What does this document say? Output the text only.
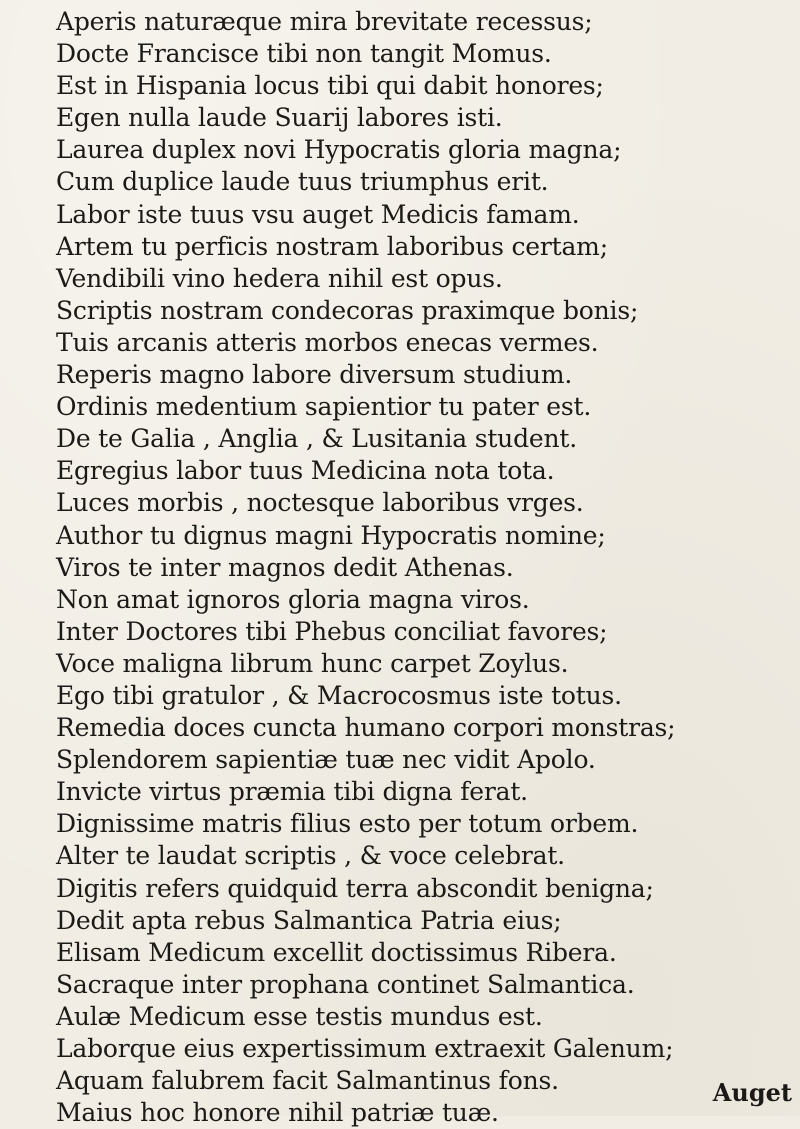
Aperis naturæque mira brevitate recessus;
Docte Francisce tibi non tangit Momus.
Est in Hispania locus tibi qui dabit honores;
Egen nulla laude Suarij labores isti.
Laurea duplex novi Hypocratis gloria magna;
Cum duplice laude tuus triumphus erit.
Labor iste tuus vsu auget Medicis famam.
Artem tu perficis nostram laboribus certam;
Vendibili vino hedera nihil est opus.
Scriptis nostram condecoras praximque bonis;
Tuis arcanis atteris morbos enecas vermes.
Reperis magno labore diversum studium.
Ordinis medentium sapientior tu pater est.
De te Galia , Anglia , & Lusitania student.
Egregius labor tuus Medicina nota tota.
Luces morbis , noctesque laboribus vrges.
Author tu dignus magni Hypocratis nomine;
Viros te inter magnos dedit Athenas.
Non amat ignoros gloria magna viros.
Inter Doctores tibi Phebus conciliat favores;
Voce maligna librum hunc carpet Zoylus.
Ego tibi gratulor , & Macrocosmus iste totus.
Remedia doces cuncta humano corpori monstras;
Splendorem sapientiæ tuæ nec vidit Apolo.
Invicte virtus præmia tibi digna ferat.
Dignissime matris filius esto per totum orbem.
Alter te laudat scriptis , & voce celebrat.
Digitis refers quidquid terra abscondit benigna;
Dedit apta rebus Salmantica Patria eius;
Elisam Medicum excellit doctissimus Ribera.
Sacraque inter prophana continet Salmantica.
Aulæ Medicum esse testis mundus est.
Laborque eius expertissimum extraexit Galenum;
Aquam falubrem facit Salmantinus fons.
Maius hoc honore nihil patriæ tuæ.
Auget
